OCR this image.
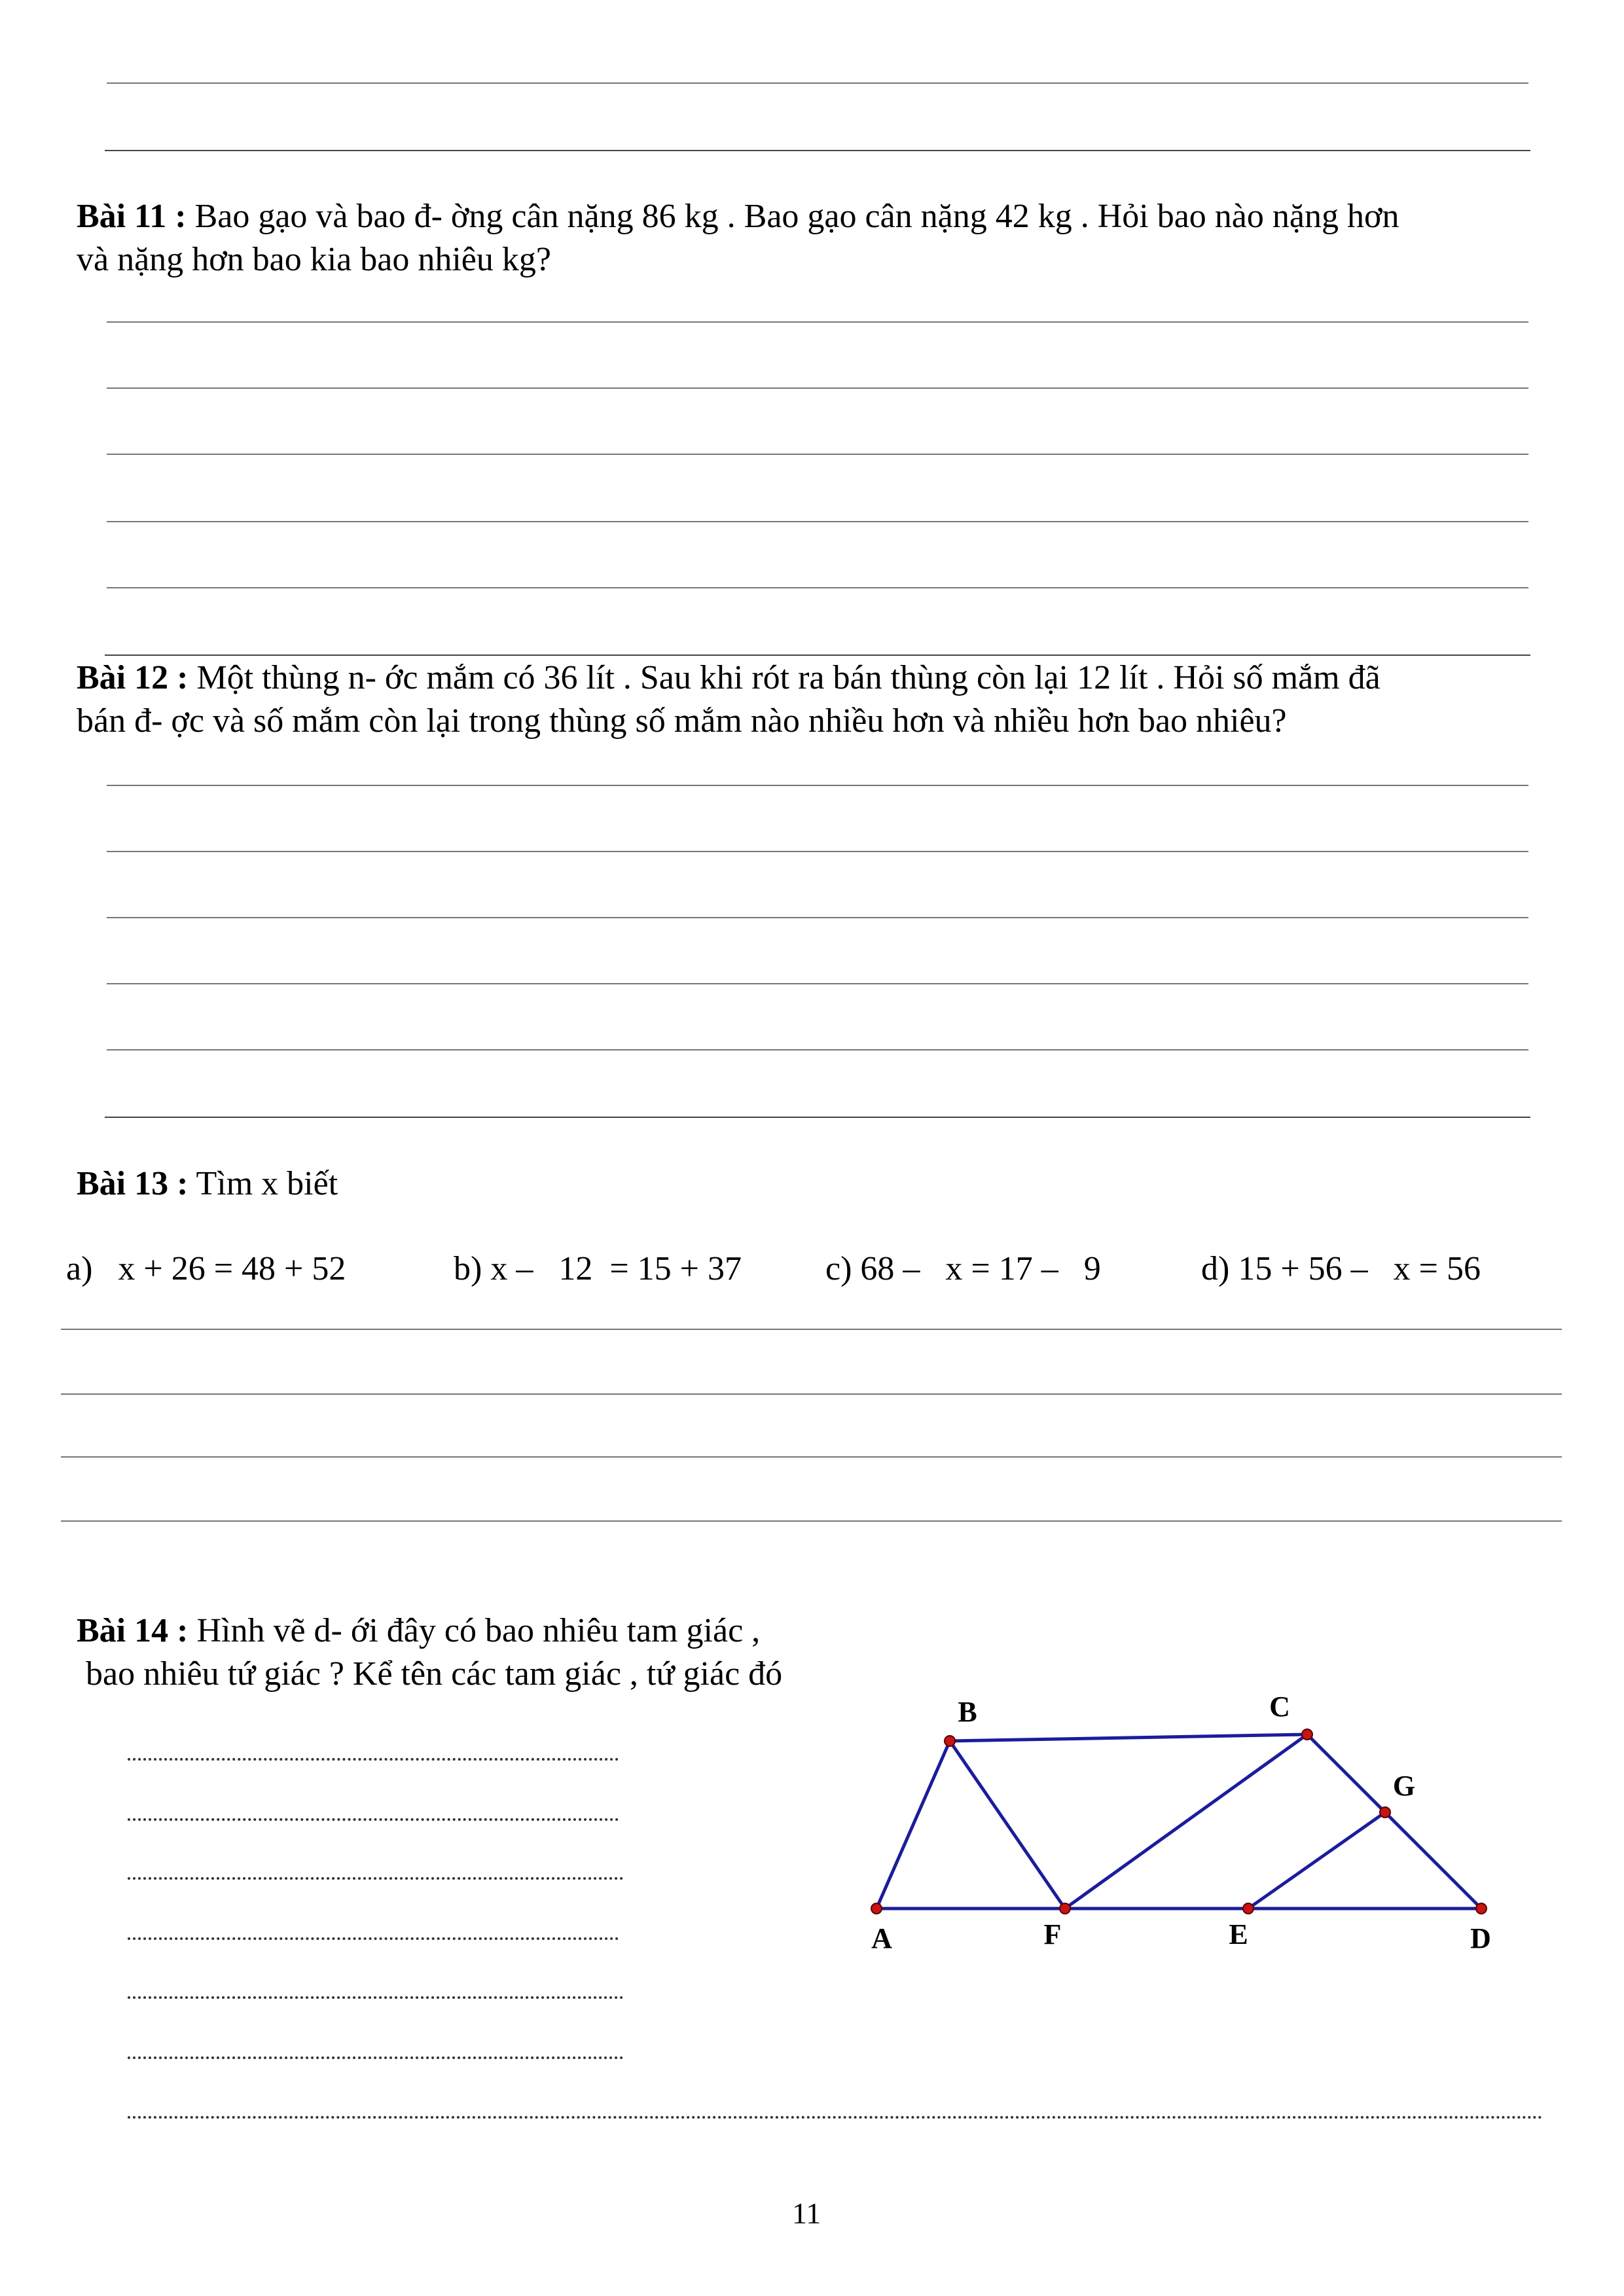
Bài 11 : Bao gạo và bao đ- ờng cân nặng 86 kg . Bao gạo cân nặng 42 kg . Hỏi bao nào nặng hơn
và nặng hơn bao kia bao nhiêu kg?
Bài 12 : Một thùng n- ớc mắm có 36 lít . Sau khi rót ra bán thùng còn lại 12 lít . Hỏi số mắm đã
bán đ- ợc và số mắm còn lại trong thùng số mắm nào nhiều hơn và nhiều hơn bao nhiêu?
Bài 13 : Tìm x biết
a)   x + 26 = 48 + 52	b) x –   12  = 15 + 37 c) 68 –   x = 17 –   9	d) 15 + 56 –   x = 56
Bài 14 : Hình vẽ d- ới đây có bao nhiêu tam giác ,
bao nhiêu tứ giác ? Kể tên các tam giác , tứ giác đó
A
B	C
D
E
F
G
11
